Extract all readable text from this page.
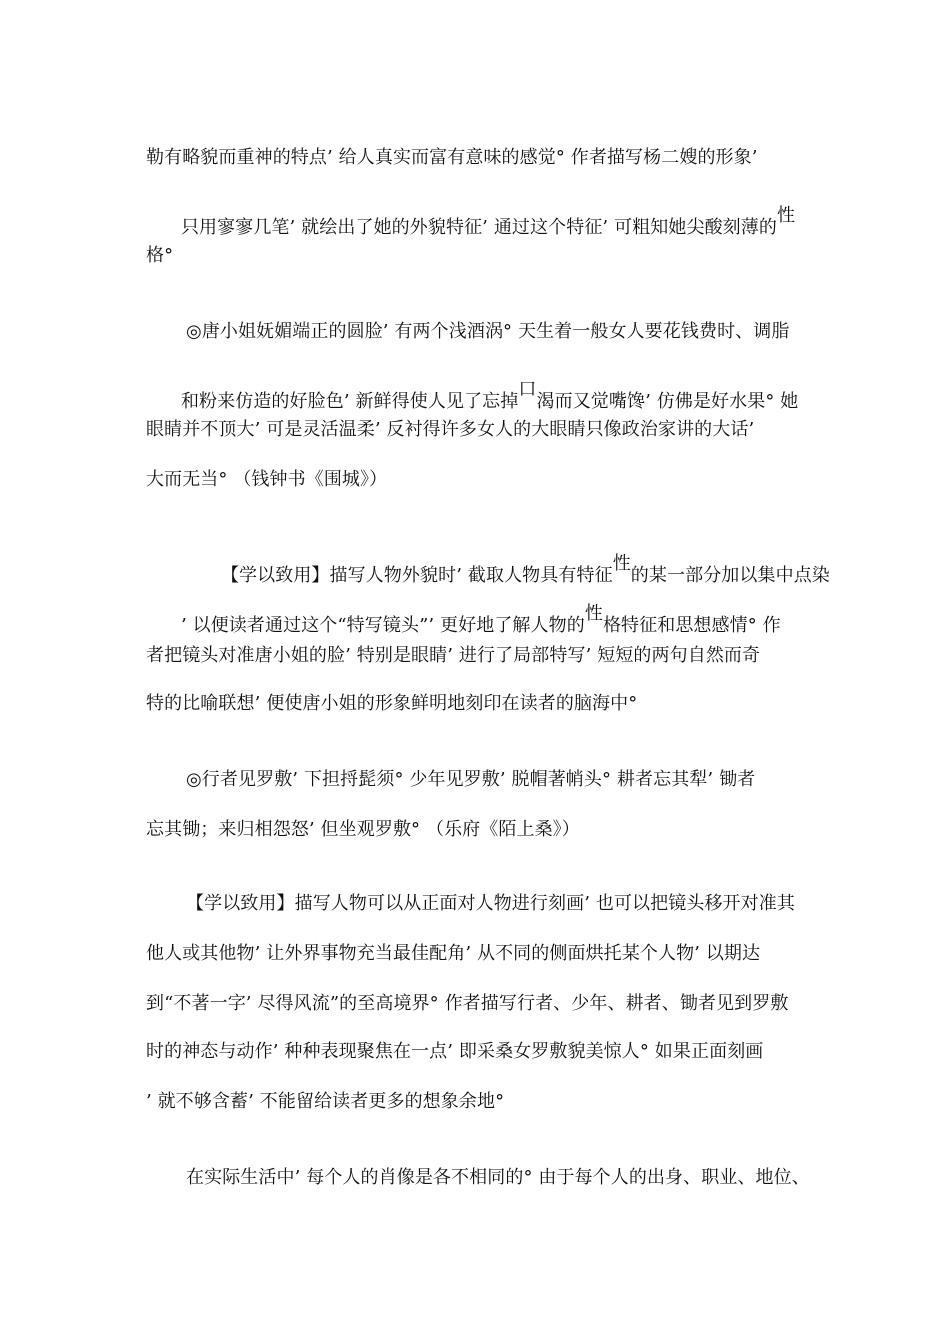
勒有略貌而重神的特点’ 给人真实而富有意味的感觉° 作者描写杨二嫂的形象’

只用寥寥几笔’ 就绘出了她的外貌特征’ 通过这个特征’ 可粗知她尖酸刻薄的性

格°
◎唐小姐妩媚端正的圆脸’ 有两个浅酒涡° 天生着一般女人要花钱费时、调脂

和粉来仿造的好脸色’ 新鲜得使人见了忘掉口渴而又觉嘴馋’ 仿佛是好水果° 她

眼睛并不顶大’ 可是灵活温柔’ 反衬得许多女人的大眼睛只像政治家讲的大话’
大而无当° （钱钟书《围城》）

【学以致用】描写人物外貌时’ 截取人物具有特征性的某一部分加以集中点染

’ 以便读者通过这个“特写镜头”’ 更好地了解人物的性格特征和思想感情° 作

者把镜头对准唐小姐的脸’ 特别是眼睛’ 进行了局部特写’ 短短的两句自然而奇
特的比喻联想’ 便使唐小姐的形象鲜明地刻印在读者的脑海中°
◎行者见罗敷’ 下担捋髭须° 少年见罗敷’ 脱帽著帩头° 耕者忘其犁’ 锄者
忘其锄；来归相怨怒’ 但坐观罗敷° （乐府《陌上桑》）
【学以致用】描写人物可以从正面对人物进行刻画’ 也可以把镜头移开对准其
他人或其他物’ 让外界事物充当最佳配角’ 从不同的侧面烘托某个人物’ 以期达
到“不著一字’ 尽得风流”的至高境界° 作者描写行者、少年、耕者、锄者见到罗敷
时的神态与动作’ 种种表现聚焦在一点’ 即采桑女罗敷貌美惊人° 如果正面刻画
’ 就不够含蓄’ 不能留给读者更多的想象余地°
在实际生活中’ 每个人的肖像是各不相同的° 由于每个人的出身、职业、地位、
